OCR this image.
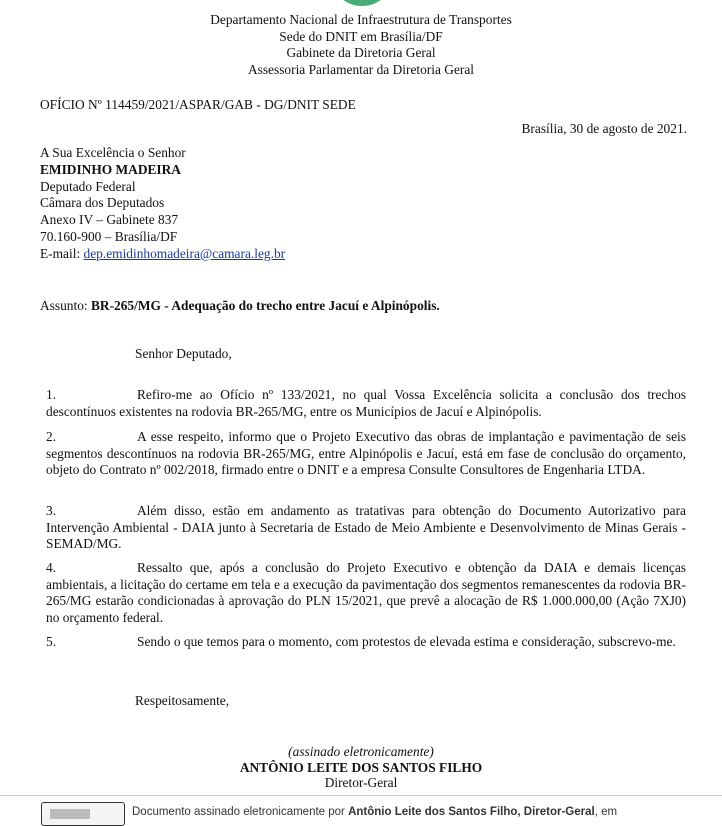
Departamento Nacional de Infraestrutura de Transportes
Sede do DNIT em Brasília/DF
Gabinete da Diretoria Geral
Assessoria Parlamentar da Diretoria Geral
OFÍCIO Nº 114459/2021/ASPAR/GAB - DG/DNIT SEDE
Brasília, 30 de agosto de 2021.
A Sua Excelência o Senhor
EMIDINHO MADEIRA
Deputado Federal
Câmara dos Deputados
Anexo IV – Gabinete 837
70.160-900 – Brasília/DF
E-mail: dep.emidinhomadeira@camara.leg.br
Assunto: BR-265/MG - Adequação do trecho entre Jacuí e Alpinópolis.
Senhor Deputado,
1.	Refiro-me ao Ofício nº 133/2021, no qual Vossa Excelência solicita a conclusão dos trechos descontínuos existentes na rodovia BR-265/MG, entre os Municípios de Jacuí e Alpinópolis.
2.	A esse respeito, informo que o Projeto Executivo das obras de implantação e pavimentação de seis segmentos descontínuos na rodovia BR-265/MG, entre Alpinópolis e Jacuí, está em fase de conclusão do orçamento, objeto do Contrato nº 002/2018, firmado entre o DNIT e a empresa Consulte Consultores de Engenharia LTDA.
3.	Além disso, estão em andamento as tratativas para obtenção do Documento Autorizativo para Intervenção Ambiental - DAIA junto à Secretaria de Estado de Meio Ambiente e Desenvolvimento de Minas Gerais - SEMAD/MG.
4.	Ressalto que, após a conclusão do Projeto Executivo e obtenção da DAIA e demais licenças ambientais, a licitação do certame em tela e a execução da pavimentação dos segmentos remanescentes da rodovia BR-265/MG estarão condicionadas à aprovação do PLN 15/2021, que prevê a alocação de R$ 1.000.000,00 (Ação 7XJ0) no orçamento federal.
5.	Sendo o que temos para o momento, com protestos de elevada estima e consideração, subscrevo-me.
Respeitosamente,
(assinado eletronicamente)
ANTÔNIO LEITE DOS SANTOS FILHO
Diretor-Geral
Documento assinado eletronicamente por Antônio Leite dos Santos Filho, Diretor-Geral, em
